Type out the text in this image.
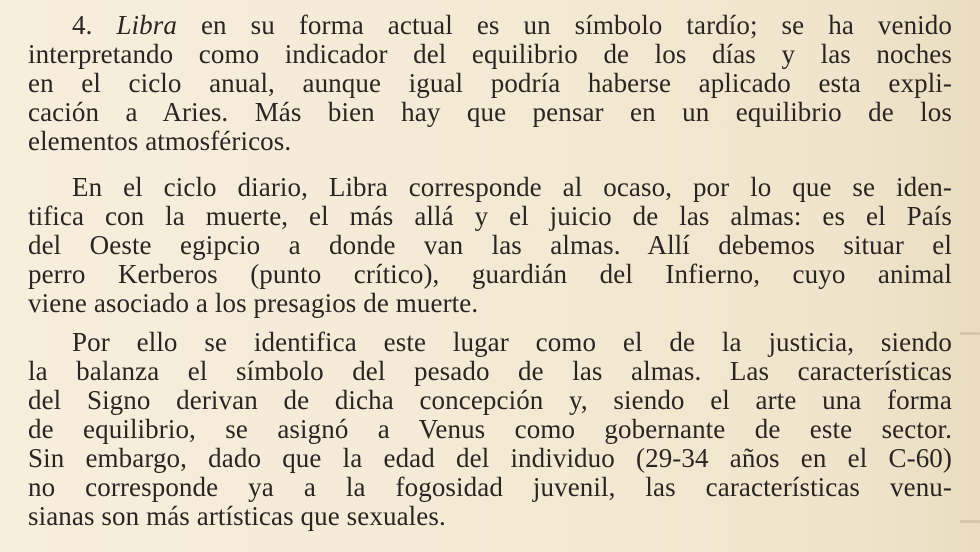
4. Libra en su forma actual es un símbolo tardío; se ha venido
interpretando como indicador del equilibrio de los días y las noches
en el ciclo anual, aunque igual podría haberse aplicado esta expli-
cación a Aries. Más bien hay que pensar en un equilibrio de los
elementos atmosféricos.
En el ciclo diario, Libra corresponde al ocaso, por lo que se iden-
tifica con la muerte, el más allá y el juicio de las almas: es el País
del Oeste egipcio a donde van las almas. Allí debemos situar el
perro Kerberos (punto crítico), guardián del Infierno, cuyo animal
viene asociado a los presagios de muerte.
Por ello se identifica este lugar como el de la justicia, siendo
la balanza el símbolo del pesado de las almas. Las características
del Signo derivan de dicha concepción y, siendo el arte una forma
de equilibrio, se asignó a Venus como gobernante de este sector.
Sin embargo, dado que la edad del individuo (29-34 años en el C-60)
no corresponde ya a la fogosidad juvenil, las características venu-
sianas son más artísticas que sexuales.
